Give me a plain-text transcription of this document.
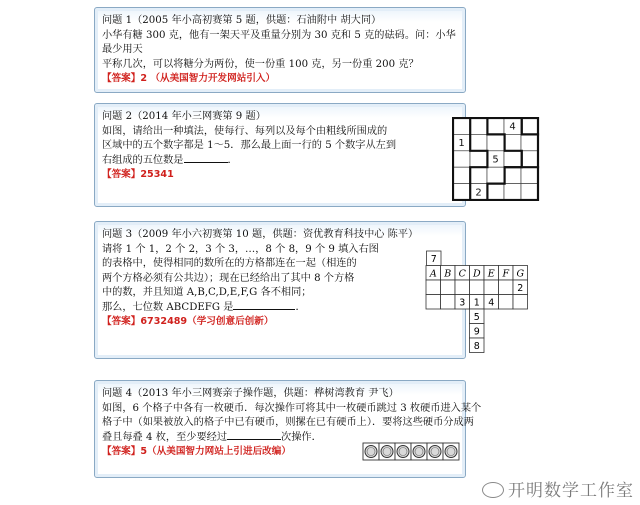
问题 1（2005 年小高初赛第 5 题，供题：石油附中 胡大同）

小华有糖 300 克，他有一架天平及重量分别为 30 克和 5 克的砝码。问：小华最少用天

平称几次，可以将糖分为两份，使一份重 100 克，另一份重 200 克？

【答案】2 （从美国智力开发网站引入）

问题 2（2014 年小三网赛第 9 题）

如图，请给出一种填法，使每行、每列以及每个由粗线所围成的

区域中的五个数字都是 1～5．那么最上面一行的 5 个数字从左到

右组成的五位数是	．

【答案】25341

问题 3（2009 年小六初赛第 10 题，供题：资优教育科技中心 陈平）

请将 1 个 1，2 个 2，3 个 3，…，8 个 8，9 个 9 填入右图

的表格中，使得相同的数所在的方格都连在一起（相连的

两个方格必须有公共边）；现在已经给出了其中 8 个方格

中的数，并且知道 A,B,C,D,E,F,G 各不相同；

那么，七位数 ABCDEFG 是	．

【答案】6732489（学习创意后创新）

问题 4（2013 年小三网赛亲子操作题，供题：桦树湾教育 尹飞）

如图，6 个格子中各有一枚硬币．每次操作可将其中一枚硬币跳过 3 枚硬币进入某个

格子中（如果被放入的格子中已有硬币，则摞在已有硬币上）．要将这些硬币分成两

叠且每叠 4 枚，至少要经过	次操作．

【答案】5（从美国智力网站上引进后改编）

4
1
5
2
7
A B C D E F G
2
3 1 4
5
9
8
开明数学工作室
